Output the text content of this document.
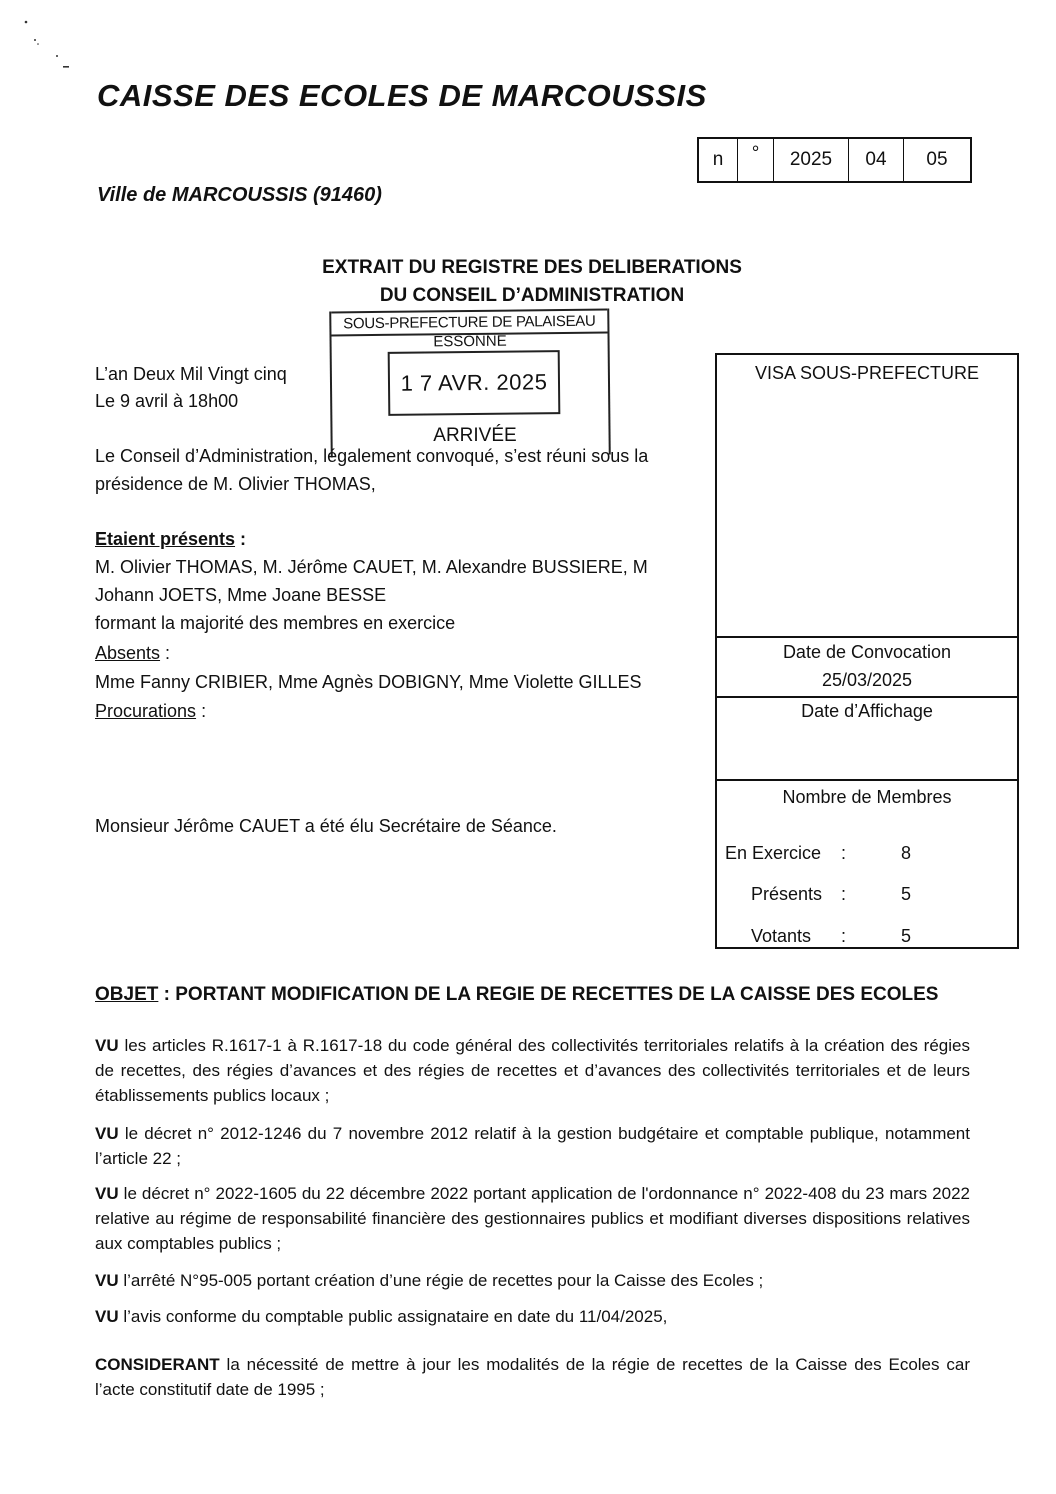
CAISSE DES ECOLES DE MARCOUSSIS
n	°	2025	04	05
Ville de MARCOUSSIS (91460)
EXTRAIT DU REGISTRE DES DELIBERATIONS
DU CONSEIL D’ADMINISTRATION
SOUS-PREFECTURE DE PALAISEAU
ESSONNE
1 7 AVR. 2025
ARRIVÉE
L’an Deux Mil Vingt cinq
Le 9 avril à 18h00
Le Conseil d’Administration, légalement convoqué, s’est réuni sous la
présidence de M. Olivier THOMAS,
Etaient présents :
M. Olivier THOMAS, M. Jérôme CAUET, M. Alexandre BUSSIERE, M
Johann JOETS, Mme Joane BESSE
formant la majorité des membres en exercice
Absents :
Mme Fanny CRIBIER, Mme Agnès DOBIGNY, Mme Violette GILLES
Procurations :
Monsieur Jérôme CAUET a été élu Secrétaire de Séance.
VISA SOUS-PREFECTURE
Date de Convocation
25/03/2025
Date d’Affichage
Nombre de Membres
En Exercice :	8
Présents :	5
Votants :	5
OBJET : PORTANT MODIFICATION DE LA REGIE DE RECETTES DE LA CAISSE DES ECOLES
VU les articles R.1617-1 à R.1617-18 du code général des collectivités territoriales relatifs à la création des régies de recettes, des régies d’avances et des régies de recettes et d’avances des collectivités territoriales et de leurs établissements publics locaux ;
VU le décret n° 2012-1246 du 7 novembre 2012 relatif à la gestion budgétaire et comptable publique, notamment l’article 22 ;
VU le décret n° 2022-1605 du 22 décembre 2022 portant application de l'ordonnance n° 2022-408 du 23 mars 2022 relative au régime de responsabilité financière des gestionnaires publics et modifiant diverses dispositions relatives aux comptables publics ;
VU l’arrêté N°95-005 portant création d’une régie de recettes pour la Caisse des Ecoles ;
VU l’avis conforme du comptable public assignataire en date du 11/04/2025,
CONSIDERANT la nécessité de mettre à jour les modalités de la régie de recettes de la Caisse des Ecoles car l’acte constitutif date de 1995 ;
